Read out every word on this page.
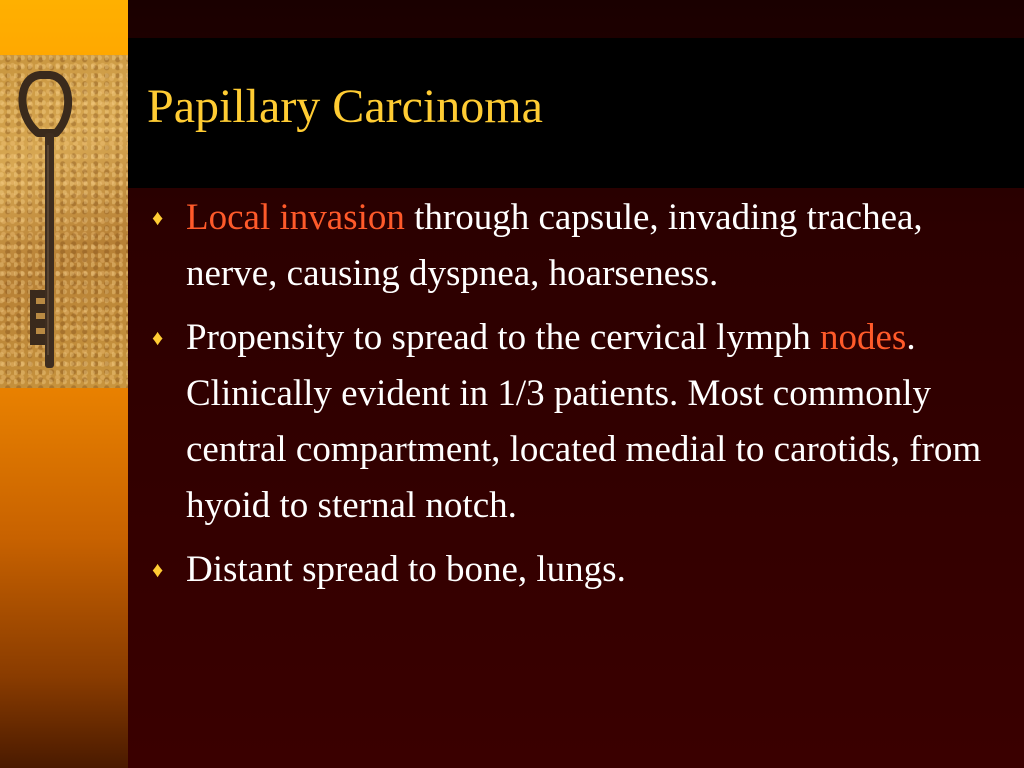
Papillary Carcinoma
♦ Local invasion through capsule, invading trachea, nerve, causing dyspnea, hoarseness.
♦ Propensity to spread to the cervical lymph nodes. Clinically evident in 1/3 patients. Most commonly central compartment, located medial to carotids, from hyoid to sternal notch.
♦ Distant spread to bone, lungs.
